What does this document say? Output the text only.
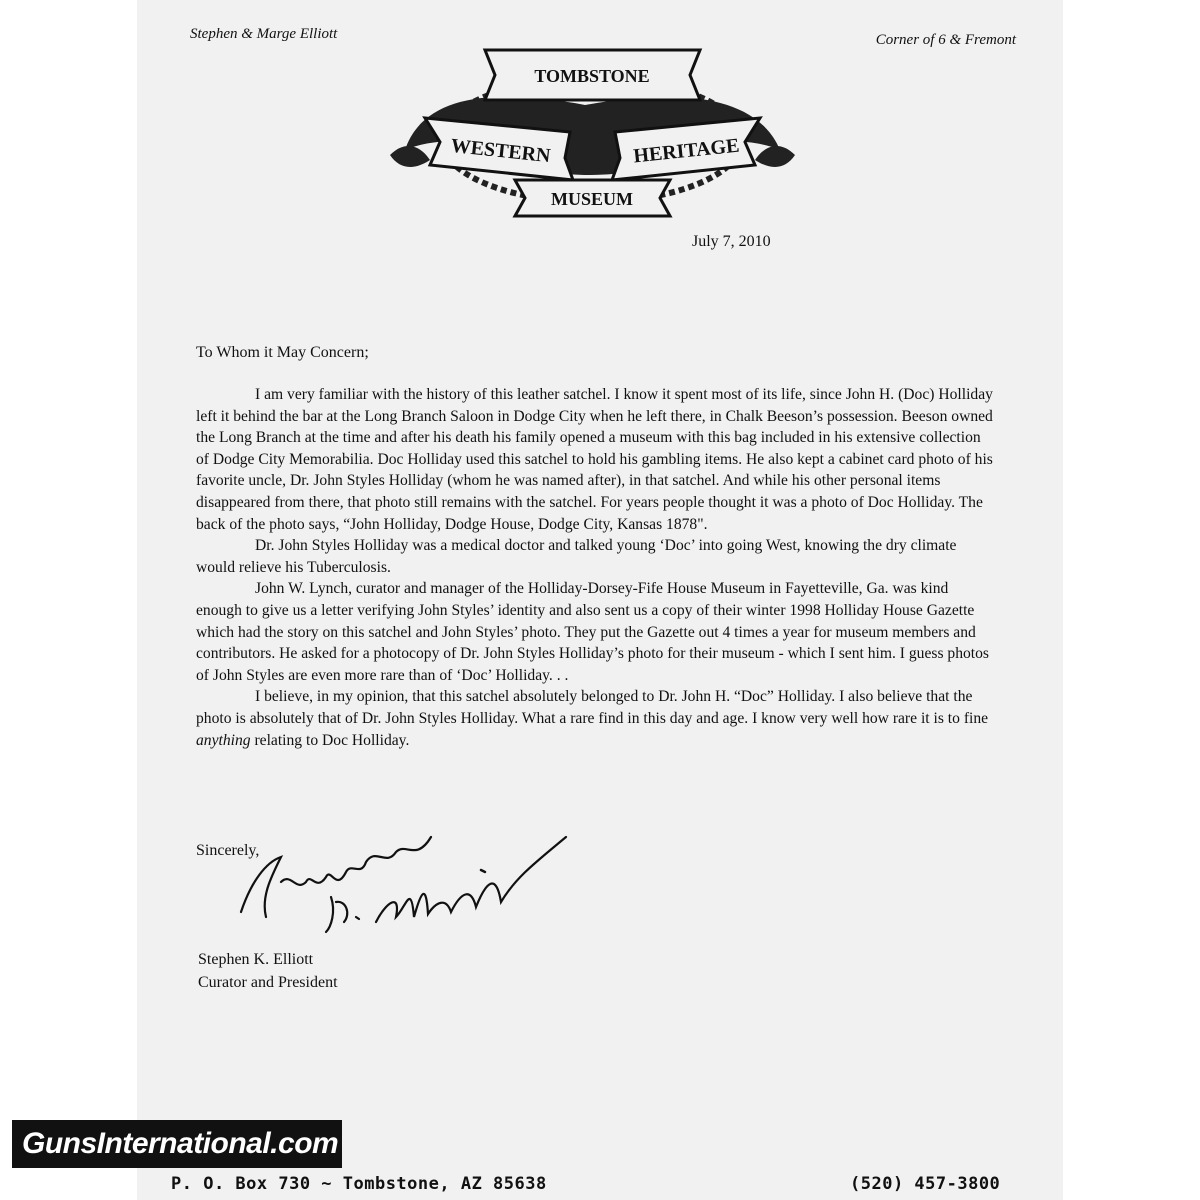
Stephen & Marge Elliott	Corner of 6 & Fremont
TOMBSTONE
WESTERN	HERITAGE
MUSEUM
July 7, 2010
To Whom it May Concern;

I am very familiar with the history of this leather satchel. I know it spent most of its life, since John H. (Doc) Holliday left it behind the bar at the Long Branch Saloon in Dodge City when he left there, in Chalk Beeson’s possession. Beeson owned the Long Branch at the time and after his death his family opened a museum with this bag included in his extensive collection of Dodge City Memorabilia. Doc Holliday used this satchel to hold his gambling items. He also kept a cabinet card photo of his favorite uncle, Dr. John Styles Holliday (whom he was named after), in that satchel. And while his other personal items disappeared from there, that photo still remains with the satchel. For years people thought it was a photo of Doc Holliday. The back of the photo says, “John Holliday, Dodge House, Dodge City, Kansas 1878".

Dr. John Styles Holliday was a medical doctor and talked young ‘Doc’ into going West, knowing the dry climate would relieve his Tuberculosis.

John W. Lynch, curator and manager of the Holliday-Dorsey-Fife House Museum in Fayetteville, Ga. was kind enough to give us a letter verifying John Styles’ identity and also sent us a copy of their winter 1998 Holliday House Gazette which had the story on this satchel and John Styles’ photo. They put the Gazette out 4 times a year for museum members and contributors. He asked for a photocopy of Dr. John Styles Holliday’s photo for their museum - which I sent him. I guess photos of John Styles are even more rare than of ‘Doc’ Holliday. . .

I believe, in my opinion, that this satchel absolutely belonged to Dr. John H. “Doc” Holliday. I also believe that the photo is absolutely that of Dr. John Styles Holliday. What a rare find in this day and age. I know very well how rare it is to fine anything relating to Doc Holliday.

Sincerely,
Stephen K. Elliott
Curator and President
GunsInternational.com
P. O. Box 730 ~ Tombstone, AZ 85638	(520) 457-3800
